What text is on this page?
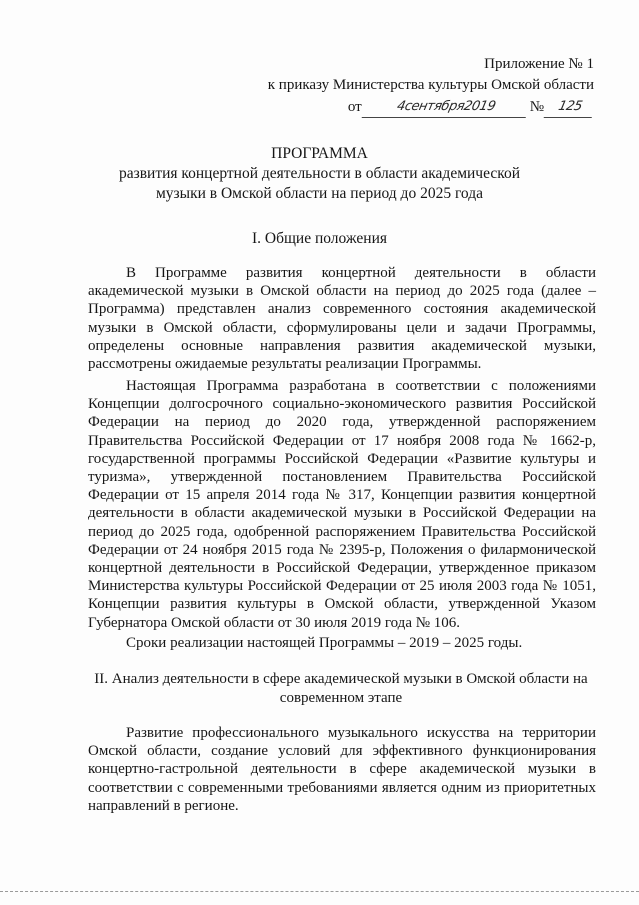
Приложение № 1
к приказу Министерства культуры Омской области
от	4сентября2019	№ 125
ПРОГРАММА
развития концертной деятельности в области академической
музыки в Омской области на период до 2025 года
I. Общие положения

В Программе развития концертной деятельности в области академической музыки в Омской области на период до 2025 года (далее – Программа) представлен анализ современного состояния академической музыки в Омской области, сформулированы цели и задачи Программы, определены основные направления развития академической музыки, рассмотрены ожидаемые результаты реализации Программы.

Настоящая Программа разработана в соответствии с положениями Концепции долгосрочного социально-экономического развития Российской Федерации на период до 2020 года, утвержденной распоряжением Правительства Российской Федерации от 17 ноября 2008 года № 1662-р, государственной программы Российской Федерации «Развитие культуры и туризма», утвержденной постановлением Правительства Российской Федерации от 15 апреля 2014 года № 317, Концепции развития концертной деятельности в области академической музыки в Российской Федерации на период до 2025 года, одобренной распоряжением Правительства Российской Федерации от 24 ноября 2015 года № 2395-р, Положения о филармонической концертной деятельности в Российской Федерации, утвержденное приказом Министерства культуры Российской Федерации от 25 июля 2003 года № 1051, Концепции развития культуры в Омской области, утвержденной Указом Губернатора Омской области от 30 июля 2019 года № 106.

Сроки реализации настоящей Программы – 2019 – 2025 годы.

II. Анализ деятельности в сфере академической музыки в Омской области на современном этапе

Развитие профессионального музыкального искусства на территории Омской области, создание условий для эффективного функционирования концертно-гастрольной деятельности в сфере академической музыки в соответствии с современными требованиями является одним из приоритетных направлений в регионе.
